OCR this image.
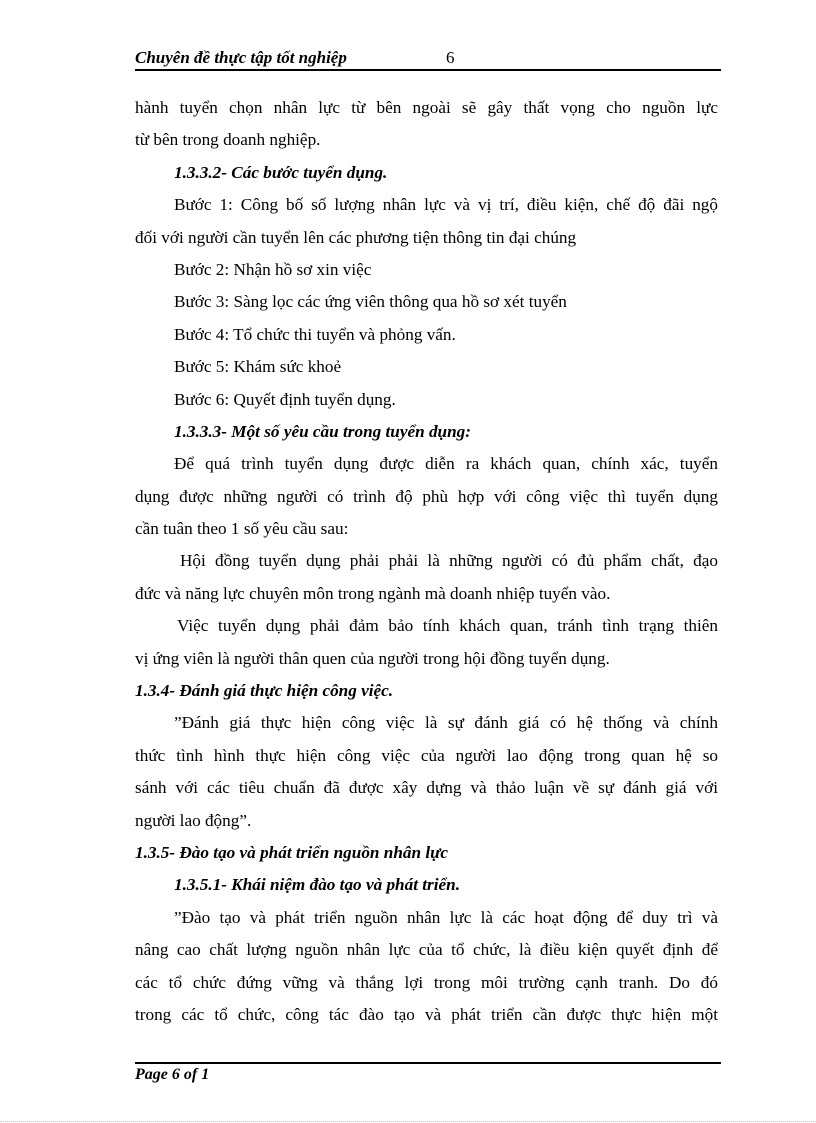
Chuyên đề thực tập tốt nghiệp	6
hành tuyển chọn nhân lực từ bên ngoài sẽ gây thất vọng cho nguồn lực
từ bên trong doanh nghiệp.
1.3.3.2- Các bước tuyển dụng.
Bước 1: Công bố số lượng nhân lực và vị trí, điều kiện, chế độ đãi ngộ
đối với người cần tuyển lên các phương tiện thông tin đại chúng
Bước 2: Nhận hồ sơ xin việc
Bước 3: Sàng lọc các ứng viên thông qua hồ sơ xét tuyển
Bước 4: Tổ chức thi tuyển và phỏng vấn.
Bước 5: Khám sức khoẻ
Bước 6: Quyết định tuyển dụng.
1.3.3.3- Một số yêu cầu trong tuyển dụng:
Để quá trình tuyển dụng được diễn ra khách quan, chính xác, tuyển
dụng được những người có trình độ phù hợp với công việc thì tuyển dụng
cần tuân theo 1 số yêu cầu sau:
Hội đồng tuyển dụng phải phải là những người có đủ phẩm chất, đạo
đức và năng lực chuyên môn trong ngành mà doanh nhiệp tuyển vào.
Việc tuyển dụng phải đảm bảo tính khách quan, tránh tình trạng thiên
vị ứng viên là người thân quen của người trong hội đồng tuyển dụng.
1.3.4- Đánh giá thực hiện công việc.
”Đánh giá thực hiện công việc là sự đánh giá có hệ thống và chính
thức tình hình thực hiện công việc của người lao động trong quan hệ so
sánh với các tiêu chuẩn đã được xây dựng và thảo luận về sự đánh giá với
người lao động”.
1.3.5- Đào tạo và phát triển nguồn nhân lực
1.3.5.1- Khái niệm đào tạo và phát triển.
”Đào tạo và phát triển nguồn nhân lực là các hoạt động để duy trì và
nâng cao chất lượng nguồn nhân lực của tổ chức, là điều kiện quyết định để
các tổ chức đứng vững và thắng lợi trong môi trường cạnh tranh. Do đó
trong các tổ chức, công tác đào tạo và phát triển cần được thực hiện một
Page 6 of 1
